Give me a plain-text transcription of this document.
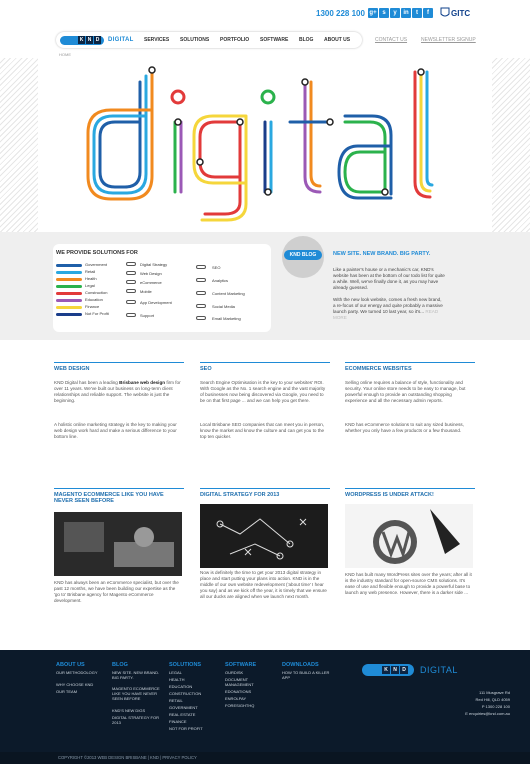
1300 228 100 g+ s	y	in	t	f	GITC
K N D DIGITAL SERVICES SOLUTIONS PORTFOLIO SOFTWARE BLOG ABOUT US	CONTACT US	NEWSLETTER SIGNUP
HOME
WE PROVIDE SOLUTIONS FOR
Government
Retail
Health
Legal
Construction
Education
Finance
Not For Profit
Digital Strategy
Web Design
eCommerce
Mobile
App Development
Support
SEO
Analytics
Content Marketing
Social Media
Email Marketing
KND BLOG	NEW SITE. NEW BRAND. BIG PARTY.
Like a painter's house or a mechanic's car, KND's website has been at the bottom of our todo list for quite a while. Well, we've finally done it, as you may have already guessed.
With the new look website, comes a fresh new brand, a re-focus of our energy and quite probably a massive launch party. We turned 10 last year, so it's... READ MORE
WEB DESIGN
KND Digital has been a leading Brisbane web design firm for over 11 years. We've built our business on long-term client relationships and reliable support. The website is just the beginning.
A holistic online marketing strategy is the key to making your web design work hard and make a serious difference to your bottom line.
SEO
Search Engine Optimisation is the key to your websites' ROI. With Google as the No. 1 search engine and the vast majority of businesses now being discovered via Google, you need to be on that first page ... and we can help you get there.
Local Brisbane SEO companies that can meet you in person, know the market and know the culture and can get you to the top ten quicker.
ECOMMERCE WEBSITES
Selling online requires a balance of style, functionality and security. Your online store needs to be easy to manage, but powerful enough to provide an outstanding shopping experience and all the necessary admin reports.
KND has eCommerce solutions to suit any sized business, whether you only have a few products or a few thousand.
MAGENTO ECOMMERCE LIKE YOU HAVE NEVER SEEN BEFORE
KND has always been an eCommerce specialist, but over the past 12 months, we have been building our expertise as the 'go to' Brisbane agency for Magento eCommerce development.
DIGITAL STRATEGY FOR 2013
Now is definitely the time to get your 2013 digital strategy in place and start putting your plans into action. KND is in the middle of our own website redevelopment ('about time' I hear you say) and as we kick off the year, it is timely that we ensure all our ducks are aligned when we launch next month.
WORDPRESS IS UNDER ATTACK!
KND has built many WordPress sites over the years; after all it is the industry standard for open-source CMS solutions. It's ease of use and flexible enough to provide a powerful base to launch any web presence. However, there is a darker side ...
ABOUT US
OUR METHODOLOGY
WHY CHOOSE KND
OUR TEAM
BLOG
NEW SITE. NEW BRAND. BIG PARTY.
MAGENTO ECOMMERCE LIKE YOU HAVE NEVER SEEN BEFORE
KND'S NEW DIGS
DIGITAL STRATEGY FOR 2013
SOLUTIONS
LEGAL
HEALTH
EDUCATION
CONSTRUCTION
RETAIL
GOVERNMENT
REAL ESTATE
FINANCE
NOT FOR PROFIT
SOFTWARE
OURDISK
DOCUMENT MANAGEMENT
EDONATIONS
ENROLPAY
FORESIGHTHQ
DOWNLOADS
HOW TO BUILD A KILLER APP
K	N	D DIGITAL
111 Musgrave Rd
Red Hill, QLD 4059
P 1300 228 100
E enquiries@knd.com.au
COPYRIGHT ©2013 WEB DESIGN BRISBANE | KND | PRIVACY POLICY
